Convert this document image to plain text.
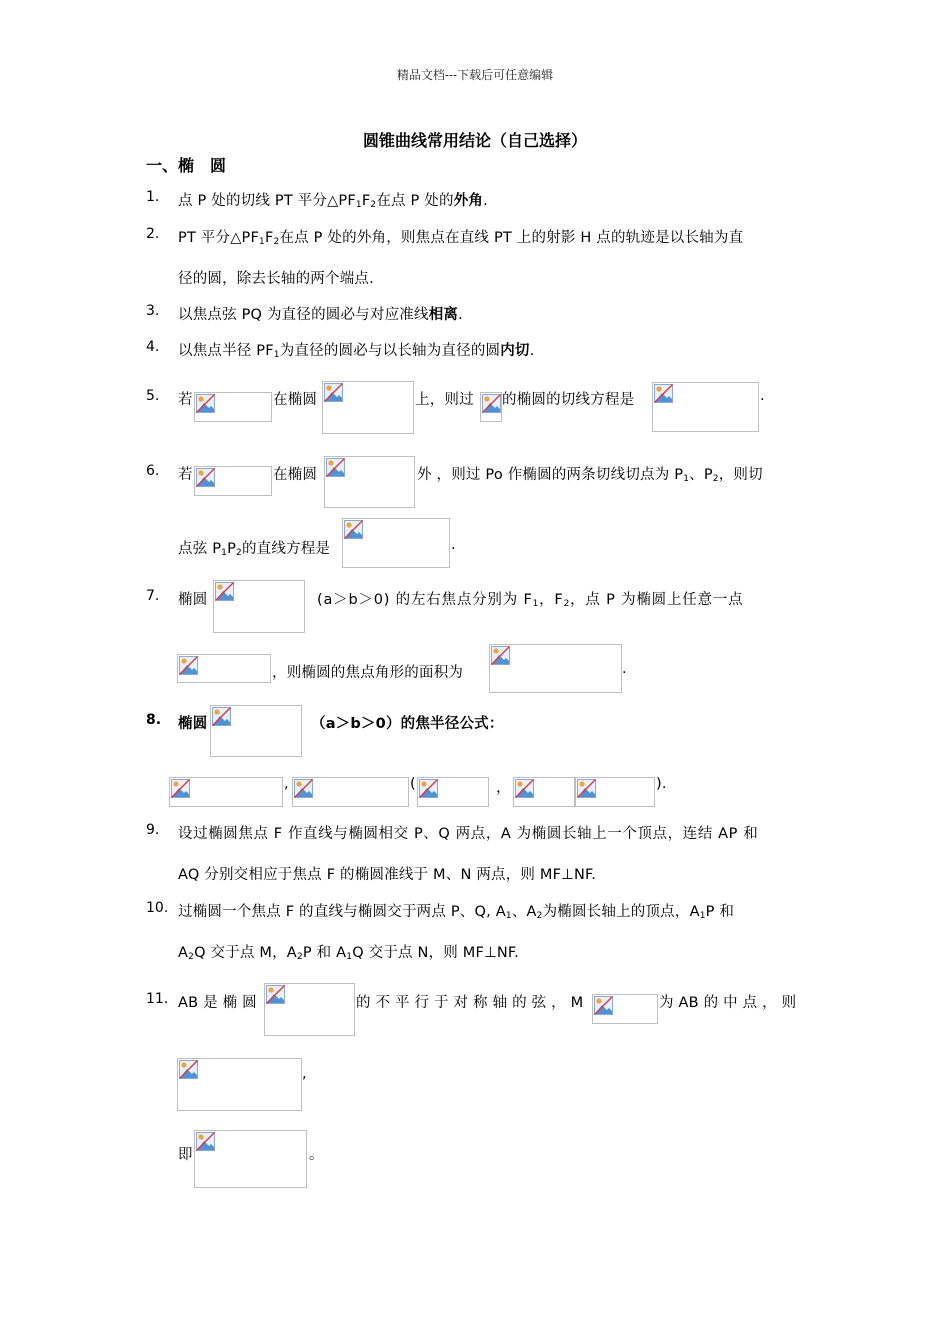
精品文档---下载后可任意编辑
圆锥曲线常用结论（自己选择）
一、椭　圆
1. 点 P 处的切线 PT 平分$\triangle PF_1F_2$在点 P 处的外角.
2. PT 平分$\triangle PF_1F_2$在点 P 处的外角，则焦点在直线 PT 上的射影 H 点的轨迹是以长轴为直
径的圆，除去长轴的两个端点.
3. 以焦点弦 PQ 为直径的圆必与对应准线相离.
4. 以焦点半径 $PF_1$为直径的圆必与以长轴为直径的圆内切.
5. 若	在椭圆	上，则过 的椭圆的切线方程是	.
6. 若	在椭圆	外 ，则过 Po 作椭圆的两条切线切点为 $P_1$、$P_2$，则切
点弦 $P_1P_2$的直线方程是	.
7. 椭圆	(a＞b＞0) 的左右焦点分别为 $F_1$，$F_2$，点 P 为椭圆上任意一点
，则椭圆的焦点角形的面积为	.
8. 椭圆	（a＞b＞0）的焦半径公式：
,	(	，	).
9. 设过椭圆焦点 F 作直线与椭圆相交 P、Q 两点，A 为椭圆长轴上一个顶点，连结 AP 和
AQ 分别交相应于焦点 F 的椭圆准线于 M、N 两点，则 MF⊥NF.
10. 过椭圆一个焦点 F 的直线与椭圆交于两点 P、Q, $A_1$、$A_2$为椭圆长轴上的顶点，$A_1P$ 和
$A_2Q$ 交于点 M，$A_2P$ 和 $A_1Q$ 交于点 N，则 MF⊥NF.
11. AB 是 椭 圆	的 不 平 行 于 对 称 轴 的 弦 ， M	为 AB 的 中 点 ， 则
,
即	。
